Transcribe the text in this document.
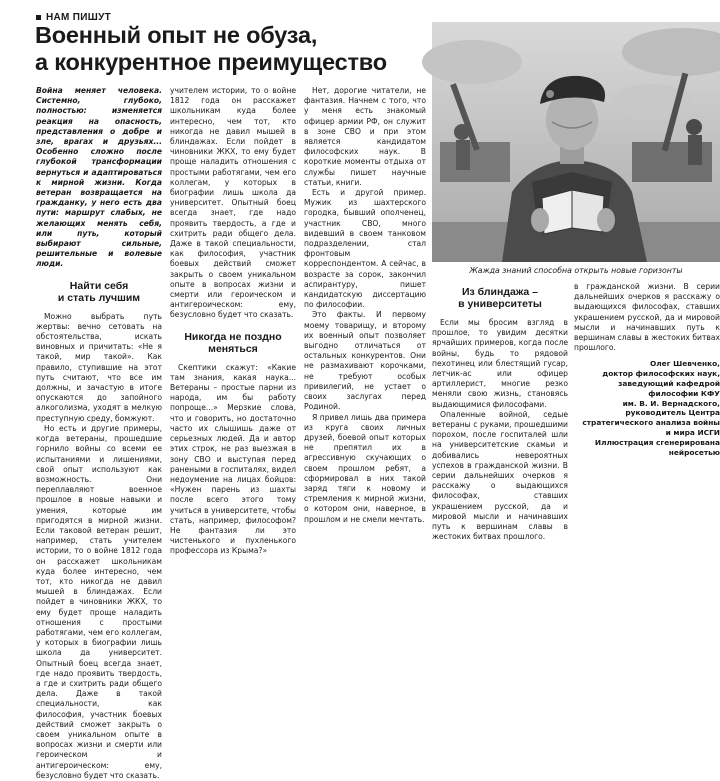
НАМ ПИШУТ
Военный опыт не обуза,
а конкурентное преимущество

Война меняет человека. Системно, глубоко, полностью: изменяется реакция на опасность, представления о добре и зле, врагах и друзьях... Особенно сложно после глубокой трансформации вернуться и адаптироваться к мирной жизни. Когда ветеран возвращается на гражданку, у него есть два пути: маршрут слабых, не желающих менять себя, или путь, который выбирают сильные, решительные и волевые люди.

Найти себя
и стать лучшим

Можно выбрать путь жертвы: вечно сетовать на обстоятельства, искать виновных и причитать: «Не я такой, мир такой». Как правило, ступившие на этот путь считают, что все им должны, и зачастую в итоге опускаются до запойного алкоголизма, уходят в мелкую преступную среду, бомжуют.

Но есть и другие примеры, когда ветераны, прошедшие горнило войны со всеми ее испытаниями и лишениями, свой опыт используют как возможность. Они переплавляют военное прошлое в новые навыки и умения, которые им пригодятся в мирной жизни. Если таковой ветеран решит, например, стать учителем истории, то о войне 1812 года он расскажет школьникам куда более интересно, чем тот, кто никогда не давил мышей в блиндажах. Если пойдет в чиновники ЖКХ, то ему будет проще наладить отношения с простыми работягами, чем его коллегам, у которых в биографии лишь школа да университет. Опытный боец всегда знает, где надо проявить твердость, а где и схитрить ради общего дела. Даже в такой специальности, как философия, участник боевых действий сможет закрыть о своем уникальном опыте в вопросах жизни и смерти или героическом и антигероическом: ему, безусловно будет что сказать.

учителем истории, то о войне 1812 года он расскажет школьникам куда более интересно, чем тот, кто никогда не давил мышей в блиндажах. Если пойдет в чиновники ЖКХ, то ему будет проще наладить отношения с простыми работягами, чем его коллегам, у которых в биографии лишь школа да университет. Опытный боец всегда знает, где надо проявить твердость, а где и схитрить ради общего дела. Даже в такой специальности, как философия, участник боевых действий сможет закрыть о своем уникальном опыте в вопросах жизни и смерти или героическом и антигероическом: ему, безусловно будет что сказать.

Никогда не поздно
меняться

Скептики скажут: «Какие там знания, какая наука... Ветераны – простые парни из народа, им бы работу попроще...» Мерзкие слова, что и говорить, но достаточно часто их слышишь даже от серьезных людей. Да и автор этих строк, не раз выезжая в зону СВО и выступая перед ранеными в госпиталях, видел недоумение на лицах бойцов: «Нужен парень из шахты после всего этого тому учиться в университете, чтобы стать, например, философом? Не фантазия ли это чистенького и пухленького профессора из Крыма?»

Нет, дорогие читатели, не фантазия. Начнем с того, что у меня есть знакомый офицер армии РФ, он служит в зоне СВО и при этом является кандидатом философских наук. В короткие моменты отдыха от службы пишет научные статьи, книги.

Есть и другой пример. Мужик из шахтерского городка, бывший ополченец, участник СВО, много видевший в своем танковом подразделении, стал фронтовым корреспондентом. А сейчас, в возрасте за сорок, закончил аспирантуру, пишет кандидатскую диссертацию по философии.

Это факты. И первому моему товарищу, и второму их военный опыт позволяет выгодно отличаться от остальных конкурентов. Они не размахивают корочками, не требуют особых привилегий, не устает о своих заслугах перед Родиной.

Я привел лишь два примера из круга своих личных друзей, боевой опыт которых не препятил их в агрессивную скучающих о своем прошлом ребят, а сформировал в них такой заряд тяги к новому и стремления к мирной жизни, о котором они, наверное, в прошлом и не смели мечтать.

Жажда знаний способна открыть новые горизонты
Из блиндажа –
в университеты

Если мы бросим взгляд в прошлое, то увидим десятки ярчайших примеров, когда после войны, будь то рядовой пехотинец или блестящий гусар, летчик-ас или офицер артиллерист, многие резко меняли свою жизнь, становясь выдающимися философами.

Опаленные войной, седые ветераны с руками, прошедшими порохом, после госпиталей шли на университетские скамьи и добивались невероятных успехов в гражданской жизни. В серии дальнейших очерков я расскажу о выдающихся философах, ставших украшением русской, да и мировой мысли и начинавших путь к вершинам славы в жестоких битвах прошлого.

в гражданской жизни. В серии дальнейших очерков я расскажу о выдающихся философах, ставших украшением русской, да и мировой мысли и начинавших путь к вершинам славы в жестоких битвах прошлого.

Олег Шевченко,
доктор философских наук,
заведующий кафедрой
философии КФУ
им. В. И. Вернадского,
руководитель Центра
стратегического анализа войны
и мира ИСГИ
Иллюстрация сгенерирована
нейросетью
